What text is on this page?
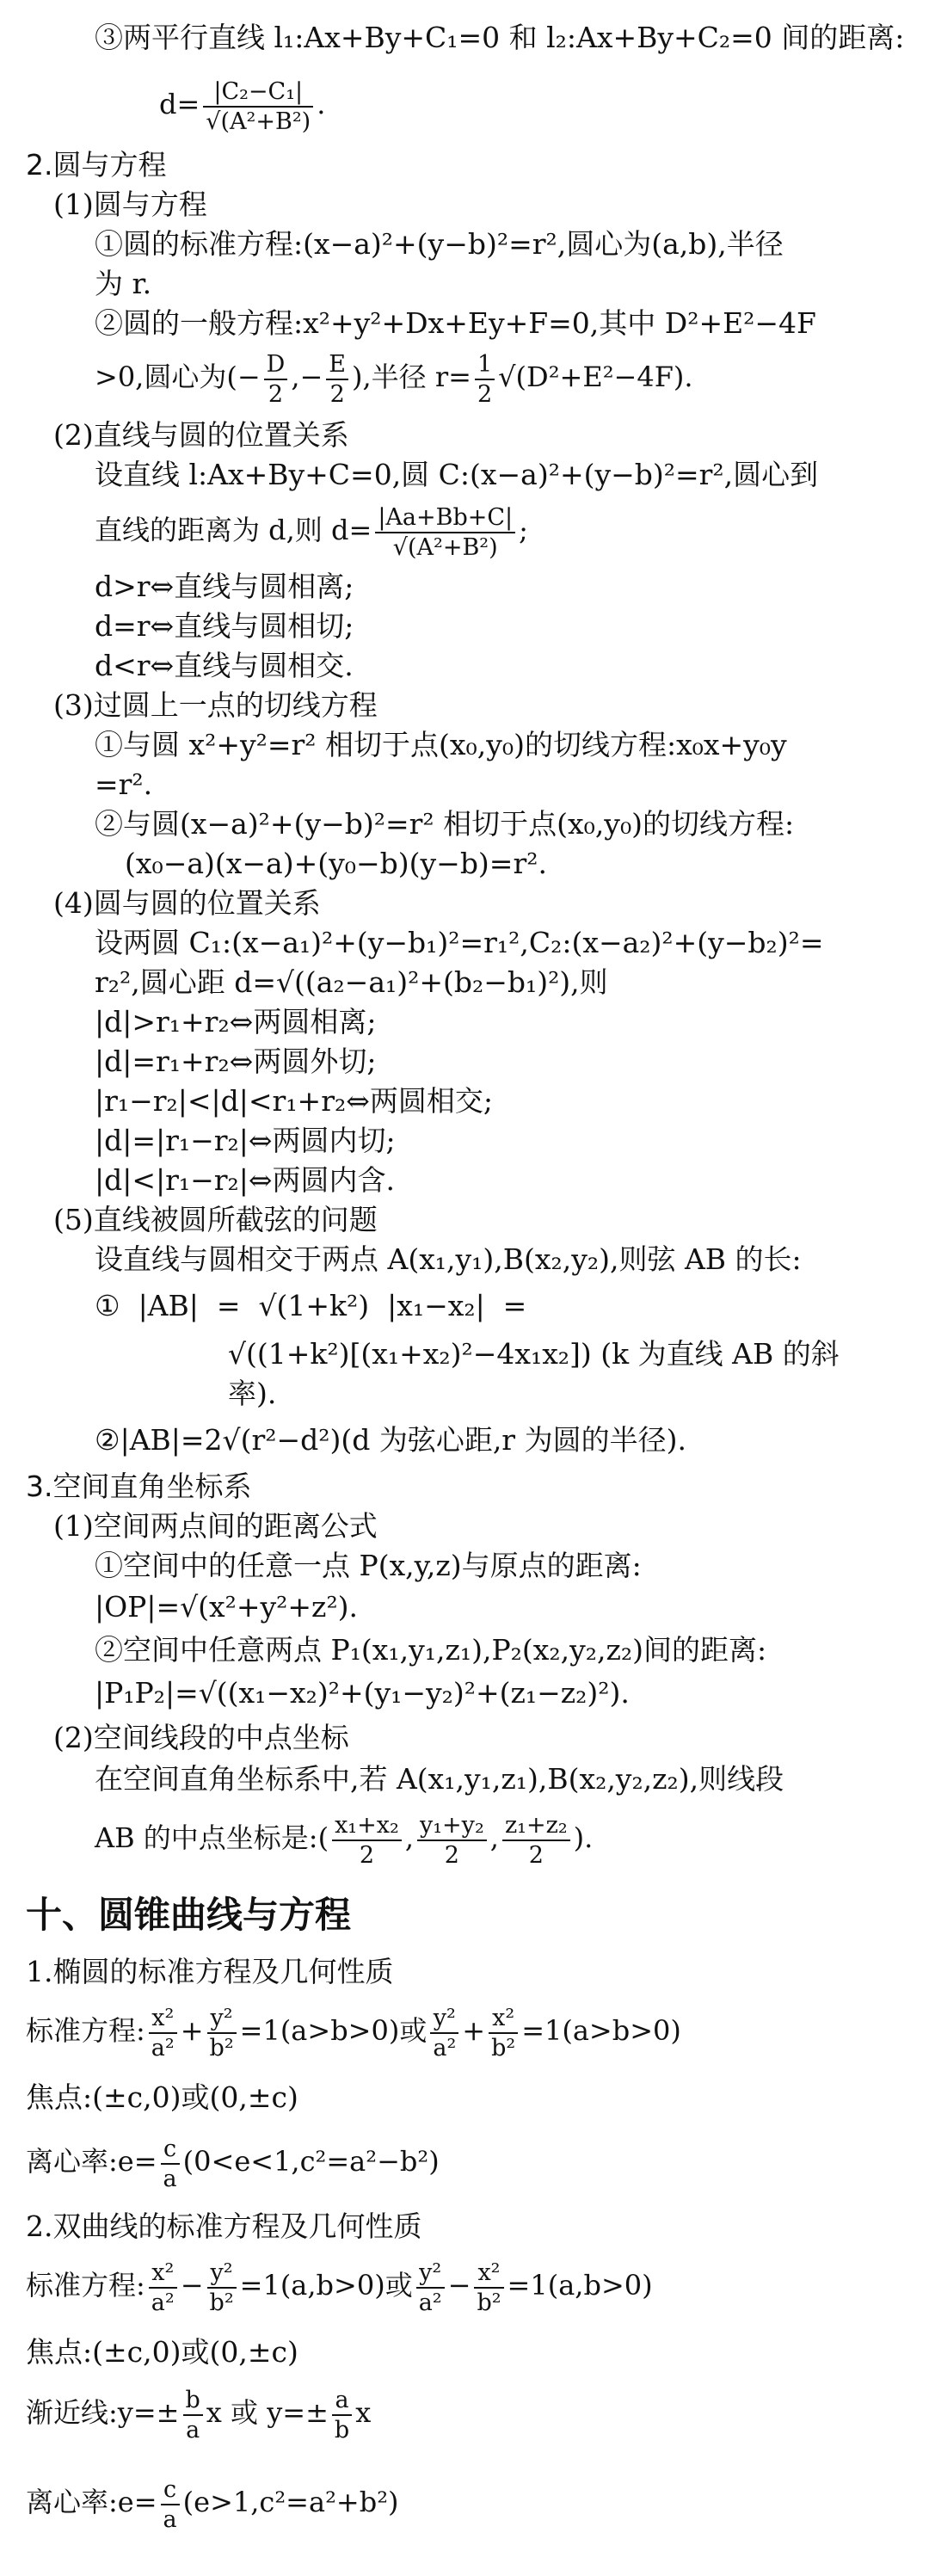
③两平行直线 l₁:Ax+By+C₁=0 和 l₂:Ax+By+C₂=0 间的距离:
$d= \frac{\text{|C₂−C₁|}}{\text{√(A²+B²)}}$ .
2.圆与方程
(1)圆与方程
①圆的标准方程:(x−a)²+(y−b)²=r²,圆心为(a,b),半径
为 r.
②圆的一般方程:x²+y²+Dx+Ey+F=0,其中 D²+E²−4F
>0,圆心为(− $\frac{D}{2}$ ,− $\frac{E}{2}$ ),半径 $r= \frac{1}{2} √(D^2+E^2-4F)$.
(2)直线与圆的位置关系
设直线 l:Ax+By+C=0,圆 C:(x−a)²+(y−b)²=r²,圆心到
直线的距离为 d,则 $d= \frac{|Aa+Bb+C|}{\text{√(A²+B²)}}$ ;
d>r⇔直线与圆相离;
d=r⇔直线与圆相切;
d<r⇔直线与圆相交.
(3)过圆上一点的切线方程
①与圆 x²+y²=r² 相切于点(x₀,y₀)的切线方程:x₀x+y₀y
=r².
②与圆(x−a)²+(y−b)²=r² 相切于点(x₀,y₀)的切线方程:
(x₀−a)(x−a)+(y₀−b)(y−b)=r².
(4)圆与圆的位置关系
设两圆 C₁:(x−a₁)²+(y−b₁)²=r₁²,C₂:(x−a₂)²+(y−b₂)²=
r₂²,圆心距 d=√((a₂−a₁)²+(b₂−b₁)²),则
|d|>r₁+r₂⇔两圆相离;
|d|=r₁+r₂⇔两圆外切;
|r₁−r₂|<|d|<r₁+r₂⇔两圆相交;
|d|=|r₁−r₂|⇔两圆内切;
|d|<|r₁−r₂|⇔两圆内含.
(5)直线被圆所截弦的问题
设直线与圆相交于两点 A(x₁,y₁),B(x₂,y₂),则弦 AB 的长:
①  |AB|  =  √(1+k²)  |x₁−x₂|  =
√((1+k²)[(x₁+x₂)²−4x₁x₂]) (k 为直线 AB 的斜
率).
②|AB|=2√(r²−d²)(d 为弦心距,r 为圆的半径).
3.空间直角坐标系
(1)空间两点间的距离公式
①空间中的任意一点 P(x,y,z)与原点的距离:
|OP|=√(x²+y²+z²).
②空间中任意两点 P₁(x₁,y₁,z₁),P₂(x₂,y₂,z₂)间的距离:
|P₁P₂|=√((x₁−x₂)²+(y₁−y₂)²+(z₁−z₂)²).
(2)空间线段的中点坐标
在空间直角坐标系中,若 A(x₁,y₁,z₁),B(x₂,y₂,z₂),则线段
AB 的中点坐标是:( $\frac{\text{x₁+x₂}}{2}$ , $\frac{\text{y₁+y₂}}{2}$ , $\frac{\text{z₁+z₂}}{2}$ ).
十、圆锥曲线与方程
1.椭圆的标准方程及几何性质
标准方程: $\frac{\text{x²}}{\text{a²}} + \frac{\text{y²}}{\text{b²}} =1(a>b>0)$或 $\frac{\text{y²}}{\text{a²}} + \frac{\text{x²}}{\text{b²}} =1(a>b>0)$
焦点:(±c,0)或(0,±c)
离心率:e= $\frac{c}{a} (0<e<1,c^2=a^2-b^2)$
2.双曲线的标准方程及几何性质
标准方程: $\frac{\text{x²}}{\text{a²}} - \frac{\text{y²}}{\text{b²}} =1(a,b>0)$或 $\frac{\text{y²}}{\text{a²}} - \frac{\text{x²}}{\text{b²}} =1(a,b>0)$
焦点:(±c,0)或(0,±c)
渐近线:y=± $\frac{b}{a}$ x 或 $y=\pm \frac{a}{b}$ x
离心率:e= $\frac{c}{a} (e>1,c^2=a^2+b^2)$
